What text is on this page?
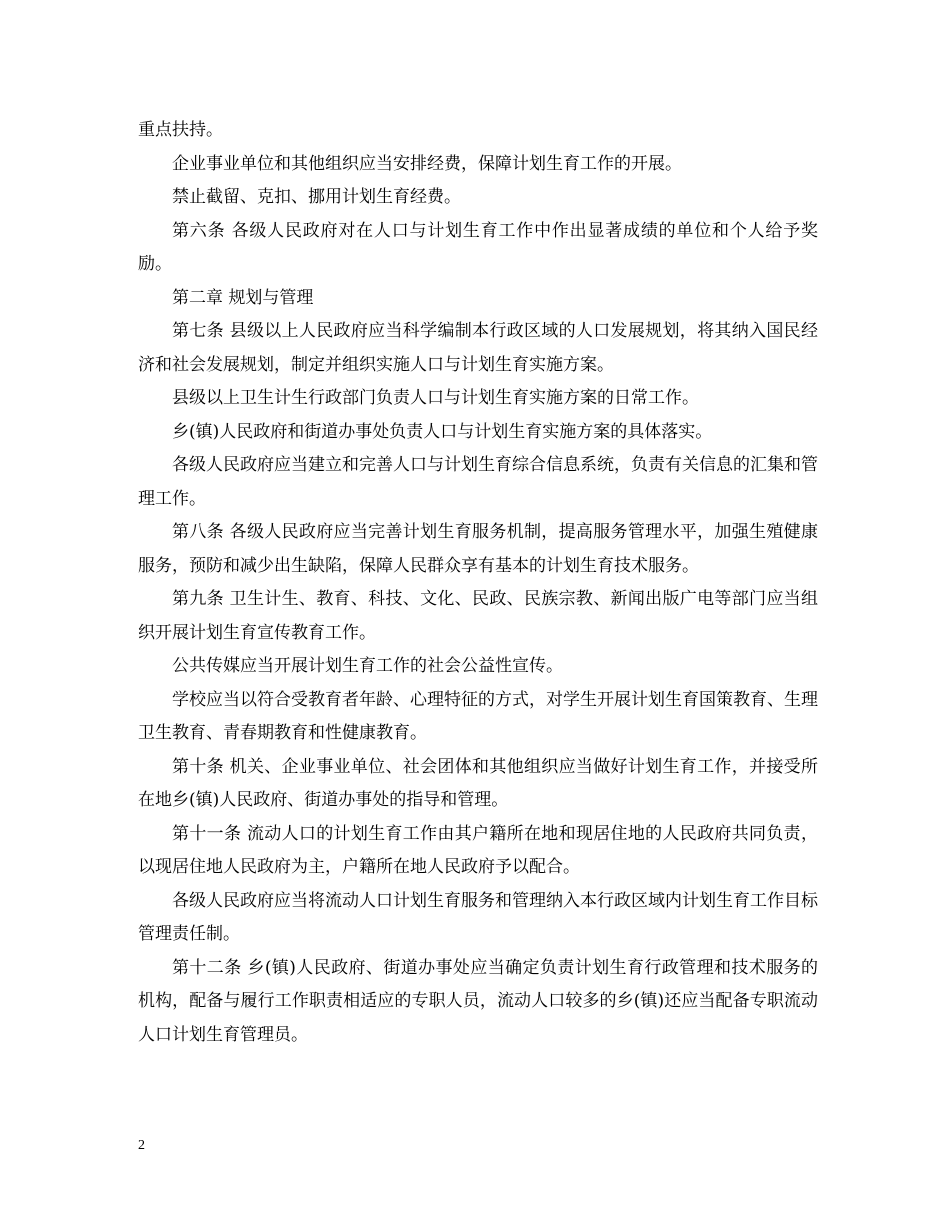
重点扶持。

企业事业单位和其他组织应当安排经费，保障计划生育工作的开展。

禁止截留、克扣、挪用计划生育经费。

第六条 各级人民政府对在人口与计划生育工作中作出显著成绩的单位和个人给予奖励。

第二章 规划与管理

第七条 县级以上人民政府应当科学编制本行政区域的人口发展规划，将其纳入国民经济和社会发展规划，制定并组织实施人口与计划生育实施方案。

县级以上卫生计生行政部门负责人口与计划生育实施方案的日常工作。

乡(镇)人民政府和街道办事处负责人口与计划生育实施方案的具体落实。

各级人民政府应当建立和完善人口与计划生育综合信息系统，负责有关信息的汇集和管理工作。

第八条 各级人民政府应当完善计划生育服务机制，提高服务管理水平，加强生殖健康服务，预防和减少出生缺陷，保障人民群众享有基本的计划生育技术服务。

第九条 卫生计生、教育、科技、文化、民政、民族宗教、新闻出版广电等部门应当组织开展计划生育宣传教育工作。

公共传媒应当开展计划生育工作的社会公益性宣传。

学校应当以符合受教育者年龄、心理特征的方式，对学生开展计划生育国策教育、生理卫生教育、青春期教育和性健康教育。

第十条 机关、企业事业单位、社会团体和其他组织应当做好计划生育工作，并接受所在地乡(镇)人民政府、街道办事处的指导和管理。

第十一条 流动人口的计划生育工作由其户籍所在地和现居住地的人民政府共同负责，以现居住地人民政府为主，户籍所在地人民政府予以配合。

各级人民政府应当将流动人口计划生育服务和管理纳入本行政区域内计划生育工作目标管理责任制。

第十二条 乡(镇)人民政府、街道办事处应当确定负责计划生育行政管理和技术服务的机构，配备与履行工作职责相适应的专职人员，流动人口较多的乡(镇)还应当配备专职流动人口计划生育管理员。

2
